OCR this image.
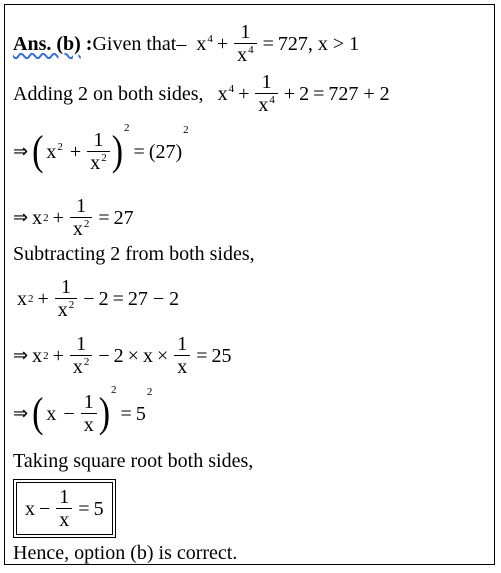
Ans. (b) : Given that– $x^4 + \frac{1}{x^4} = 727$ , x > 1
Adding 2 on both sides, $x^4 + \frac{1}{x^4} + 2 = 727 + 2$
⇒ ( $x^2 + \frac{1}{x^2}$ ) 2
= (27)
2
⇒ x $2 + \frac{1}{x^2} = 27$
Subtracting 2 from both sides,
x $2 + \frac{1}{x^2} - 2 = 27 - 2$
⇒ x $2 + \frac{1}{x^2} - 2 \times x \times \frac{1}{x} = 25$
⇒ ( $x - \frac{1}{x}$ ) 2
= 5
2
Taking square root both sides,
$x - \frac{1}{x} = 5$
Hence, option (b) is correct.
